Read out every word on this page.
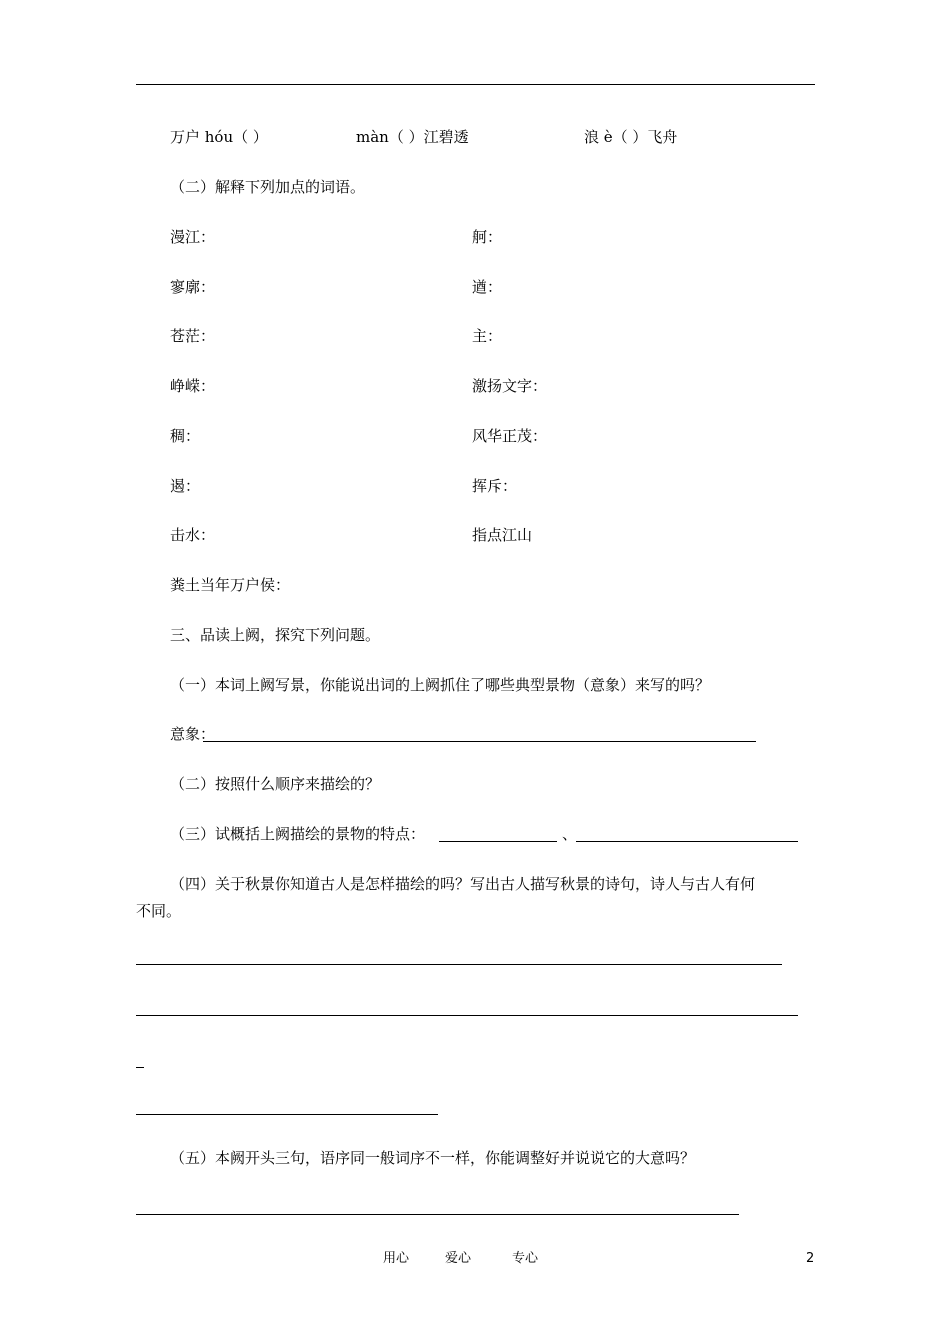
万户 hóu（ ）	màn（ ）江碧透	浪 è（ ）飞舟
（二）解释下列加点的词语。
漫江：	舸：
寥廓：	遒：
苍茫：	主：
峥嵘：	激扬文字：
稠：	风华正茂：
遏：	挥斥：
击水：	指点江山
粪土当年万户侯：
三、品读上阙，探究下列问题。
（一）本词上阙写景，你能说出词的上阙抓住了哪些典型景物（意象）来写的吗？
意象：
（二）按照什么顺序来描绘的？
（三）试概括上阙描绘的景物的特点：	、
（四）关于秋景你知道古人是怎样描绘的吗？写出古人描写秋景的诗句，诗人与古人有何
不同。
（五）本阙开头三句，语序同一般词序不一样，你能调整好并说说它的大意吗？
用心	爱心	专心	2
